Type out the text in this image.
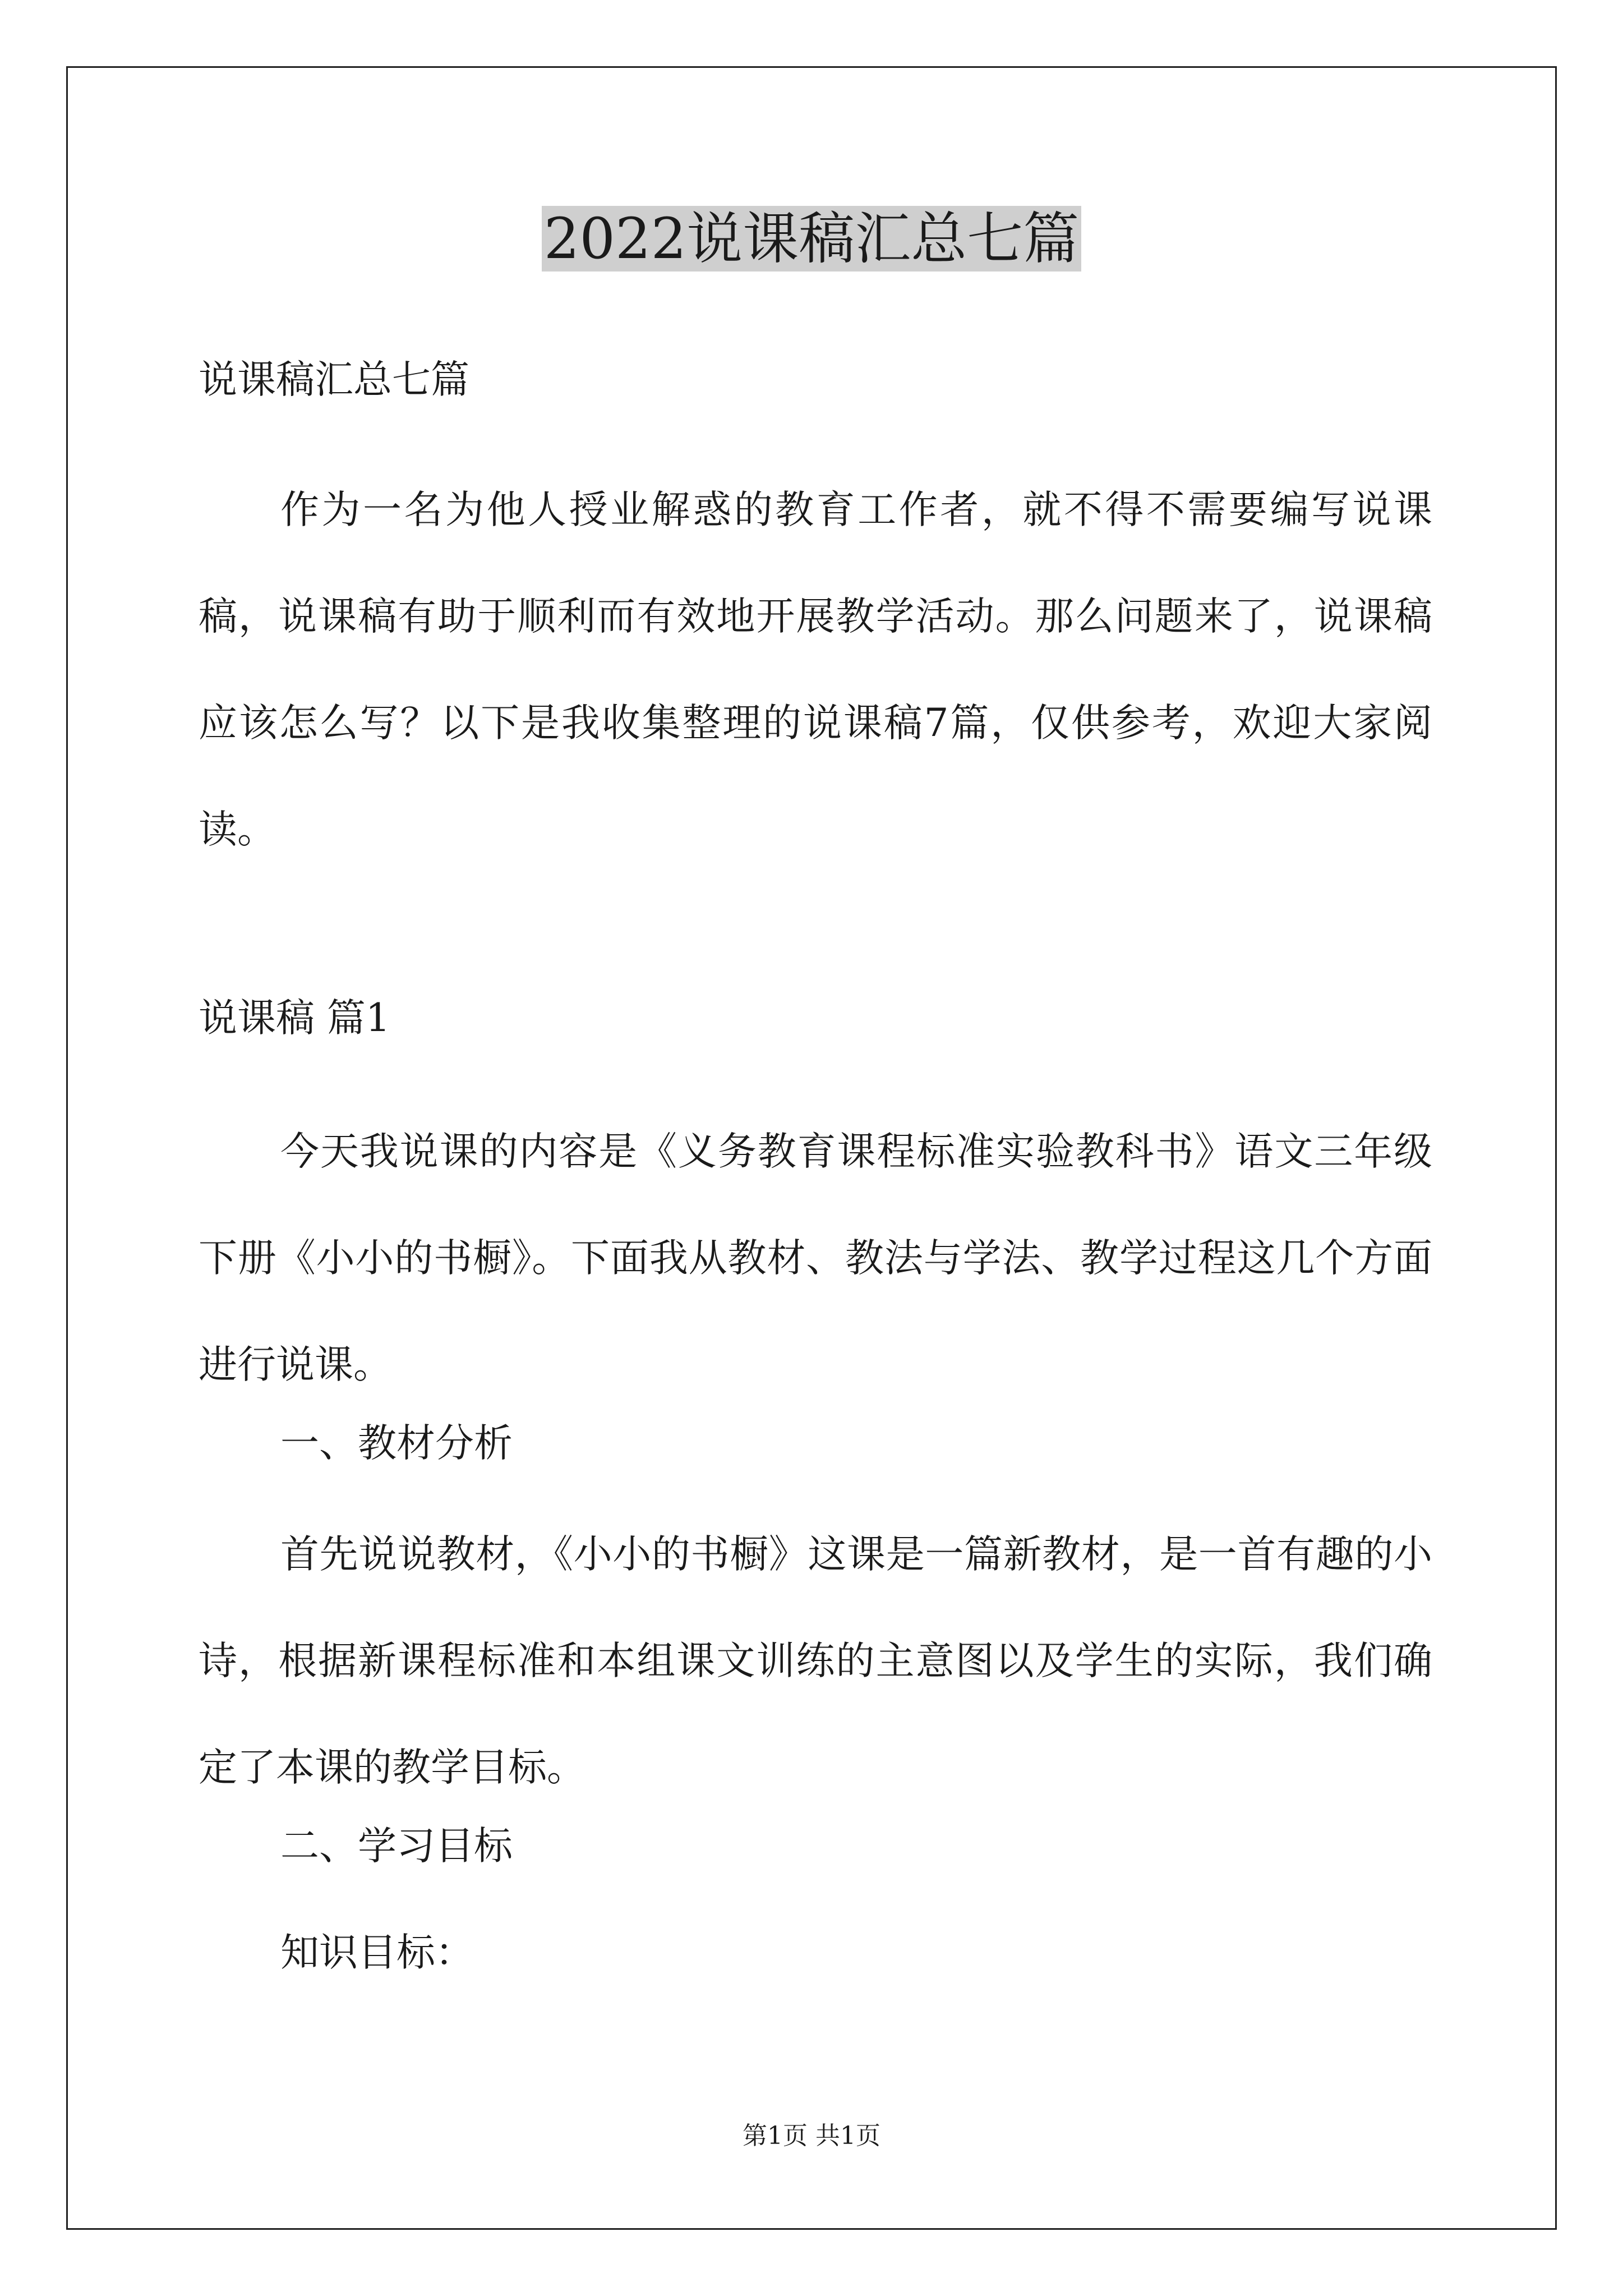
2022说课稿汇总七篇
说课稿汇总七篇

作为一名为他人授业解惑的教育工作者，就不得不需要编写说课稿，说课稿有助于顺利而有效地开展教学活动。那么问题来了，说课稿应该怎么写？以下是我收集整理的说课稿7篇，仅供参考，欢迎大家阅读。

说课稿 篇1

今天我说课的内容是《义务教育课程标准实验教科书》语文三年级下册《小小的书橱》。下面我从教材、教法与学法、教学过程这几个方面进行说课。

一、教材分析

首先说说教材，《小小的书橱》这课是一篇新教材，是一首有趣的小诗，根据新课程标准和本组课文训练的主意图以及学生的实际，我们确定了本课的教学目标。

二、学习目标
知识目标：
第1页 共1页
